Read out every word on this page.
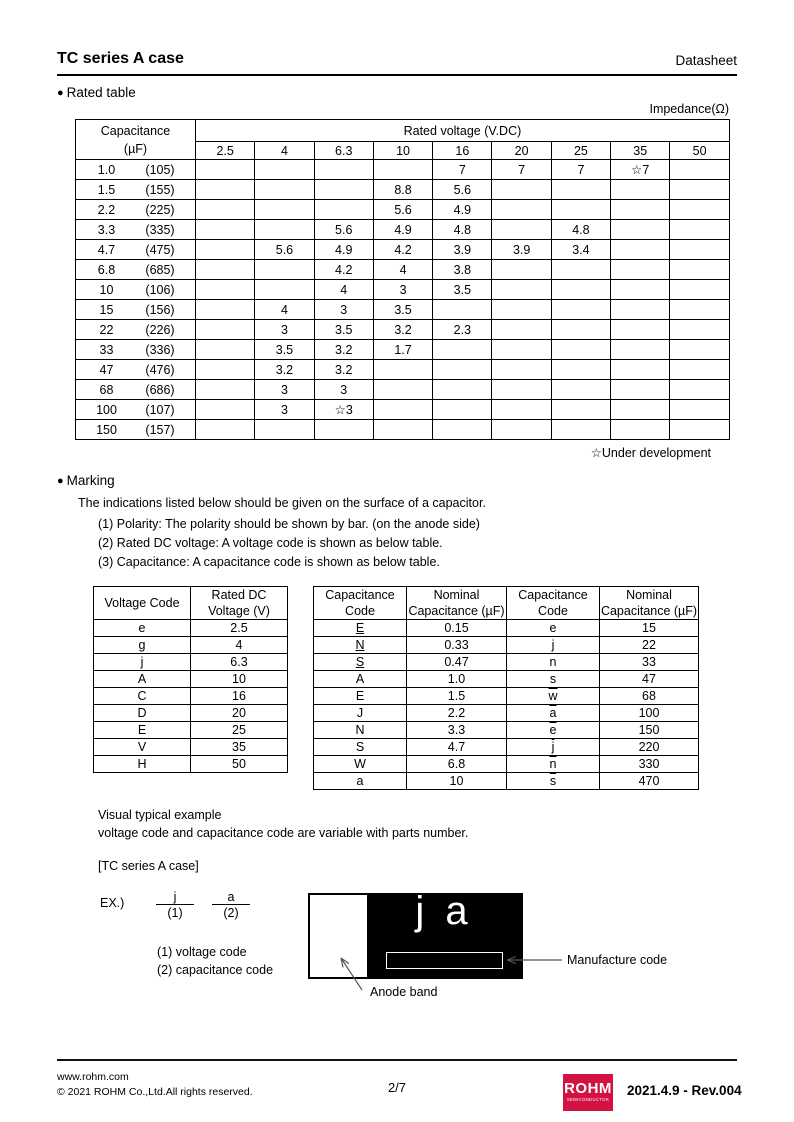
TC series A case	Datasheet
● Rated table
Impedance(Ω)
Capacitance
(µF)	Rated voltage (V.DC)								
	2.5	4	6.3	10	16	20	25	35	50

1.0 (105)					7	7	7	☆7	

1.5 (155)				8.8	5.6				

2.2 (225)				5.6	4.9				

3.3 (335)			5.6	4.9	4.8		4.8		

4.7 (475)		5.6	4.9	4.2	3.9	3.9	3.4		

6.8 (685)			4.2	4	3.8				

10 (106)			4	3	3.5				

15 (156)		4	3	3.5					

22 (226)		3	3.5	3.2	2.3				

33 (336)		3.5	3.2	1.7					

47 (476)		3.2	3.2						

68 (686)		3	3						

100 (107)		3	☆3						

150 (157)									

☆Under development
● Marking
The indications listed below should be given on the surface of a capacitor.
(1) Polarity: The polarity should be shown by bar. (on the anode side)
(2) Rated DC voltage: A voltage code is shown as below table.
(3) Capacitance: A capacitance code is shown as below table.
Voltage Code	Rated DC
Voltage (V)

e	2.5
g	4
j	6.3
A	10
C	16
D	20
E	25
V	35
H	50
Capacitance
Code

Nominal
Capacitance (µF)

Capacitance
Code

Nominal
Capacitance (µF)

E	0.15	e	15
N	0.33	j	22
S	0.47	n	33
A	1.0	s	47
E	1.5	$\overline{w}$	68
J	2.2	$\overline{a}$	100
N	3.3	$\overline{e}$	150
S	4.7	$\overline{j}$	220
W	6.8	$\overline{n}$	330
a	10	$\overline{s}$	470
Visual typical example
voltage code and capacitance code are variable with parts number.
[TC series A case]
EX.)	$\frac{j}{(1)} \frac{a}{(2)}$
(1) voltage code
(2) capacitance code
j a
Manufacture code
Anode band
www.rohm.com
© 2021 ROHM Co.,Ltd.All rights reserved.	2/7	ROHM
SEMICONDUCTOR
2021.4.9 - Rev.004
